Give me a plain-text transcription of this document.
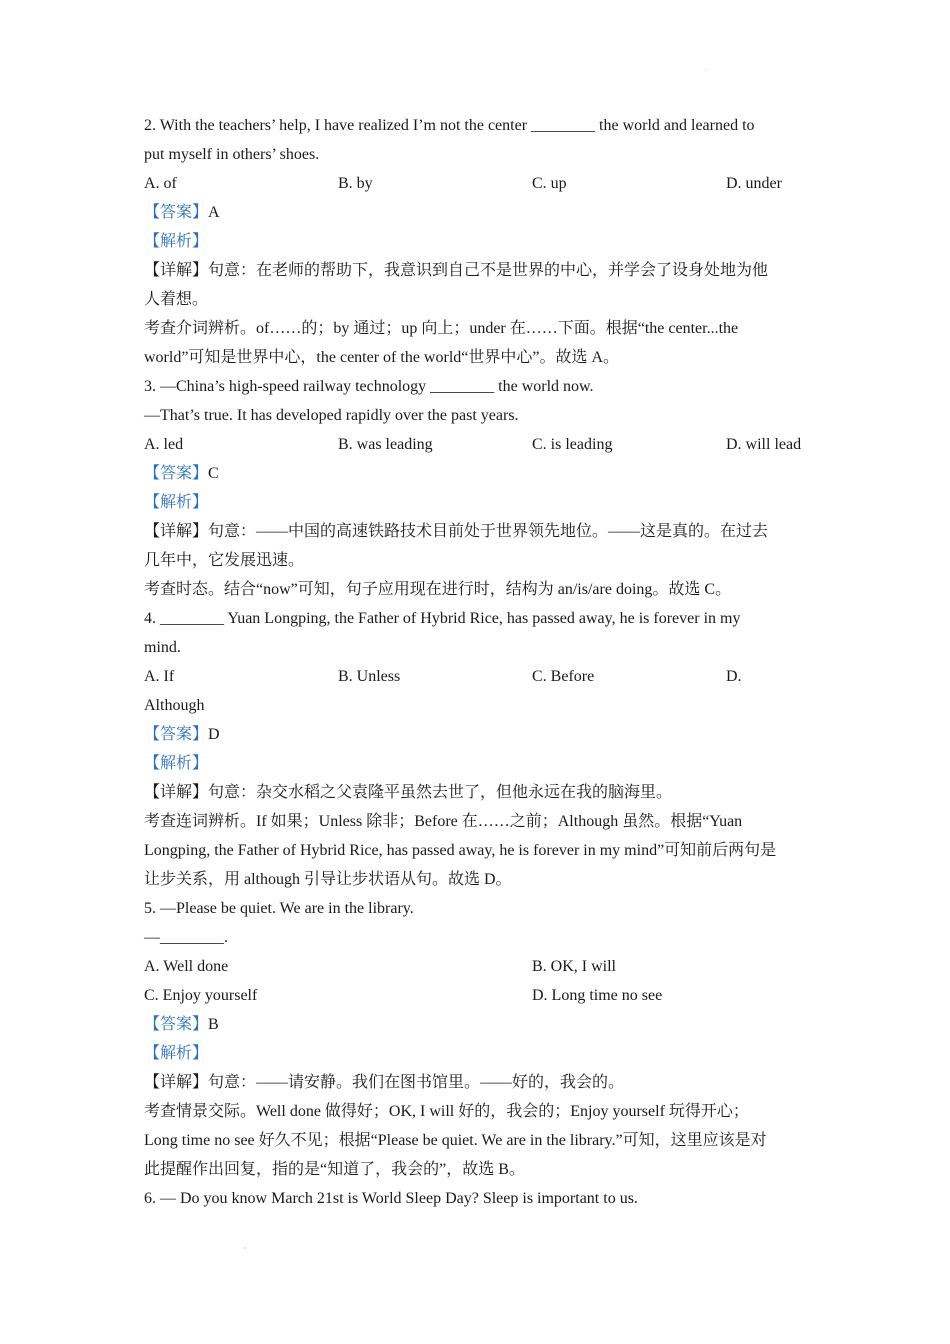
·
·
2. With the teachers’ help, I have realized I’m not the center ________ the world and learned to
put myself in others’ shoes.
A. of	B. by	C. up	D. under
【答案】A
【解析】
【详解】句意：在老师的帮助下，我意识到自己不是世界的中心，并学会了设身处地为他
人着想。
考查介词辨析。of……的；by 通过；up 向上；under 在……下面。根据“the center...the
world”可知是世界中心，the center of the world“世界中心”。故选 A。
3. —China’s high-speed railway technology ________ the world now.
—That’s true. It has developed rapidly over the past years.
A. led	B. was leading	C. is leading	D. will lead
【答案】C
【解析】
【详解】句意：——中国的高速铁路技术目前处于世界领先地位。——这是真的。在过去
几年中，它发展迅速。
考查时态。结合“now”可知，句子应用现在进行时，结构为 an/is/are doing。故选 C。
4. ________ Yuan Longping, the Father of Hybrid Rice, has passed away, he is forever in my
mind.
A. If	B. Unless	C. Before	D.
Although
【答案】D
【解析】
【详解】句意：杂交水稻之父袁隆平虽然去世了，但他永远在我的脑海里。
考查连词辨析。If 如果；Unless 除非；Before 在……之前；Although 虽然。根据“Yuan
Longping, the Father of Hybrid Rice, has passed away, he is forever in my mind”可知前后两句是
让步关系，用 although 引导让步状语从句。故选 D。
5. —Please be quiet. We are in the library.
—________.
A. Well done	B. OK, I will
C. Enjoy yourself	D. Long time no see
【答案】B
【解析】
【详解】句意：——请安静。我们在图书馆里。——好的，我会的。
考查情景交际。Well done 做得好；OK, I will 好的，我会的；Enjoy yourself 玩得开心；
Long time no see 好久不见；根据“Please be quiet. We are in the library.”可知，这里应该是对
此提醒作出回复，指的是“知道了，我会的”，故选 B。
6. — Do you know March 21st is World Sleep Day? Sleep is important to us.
